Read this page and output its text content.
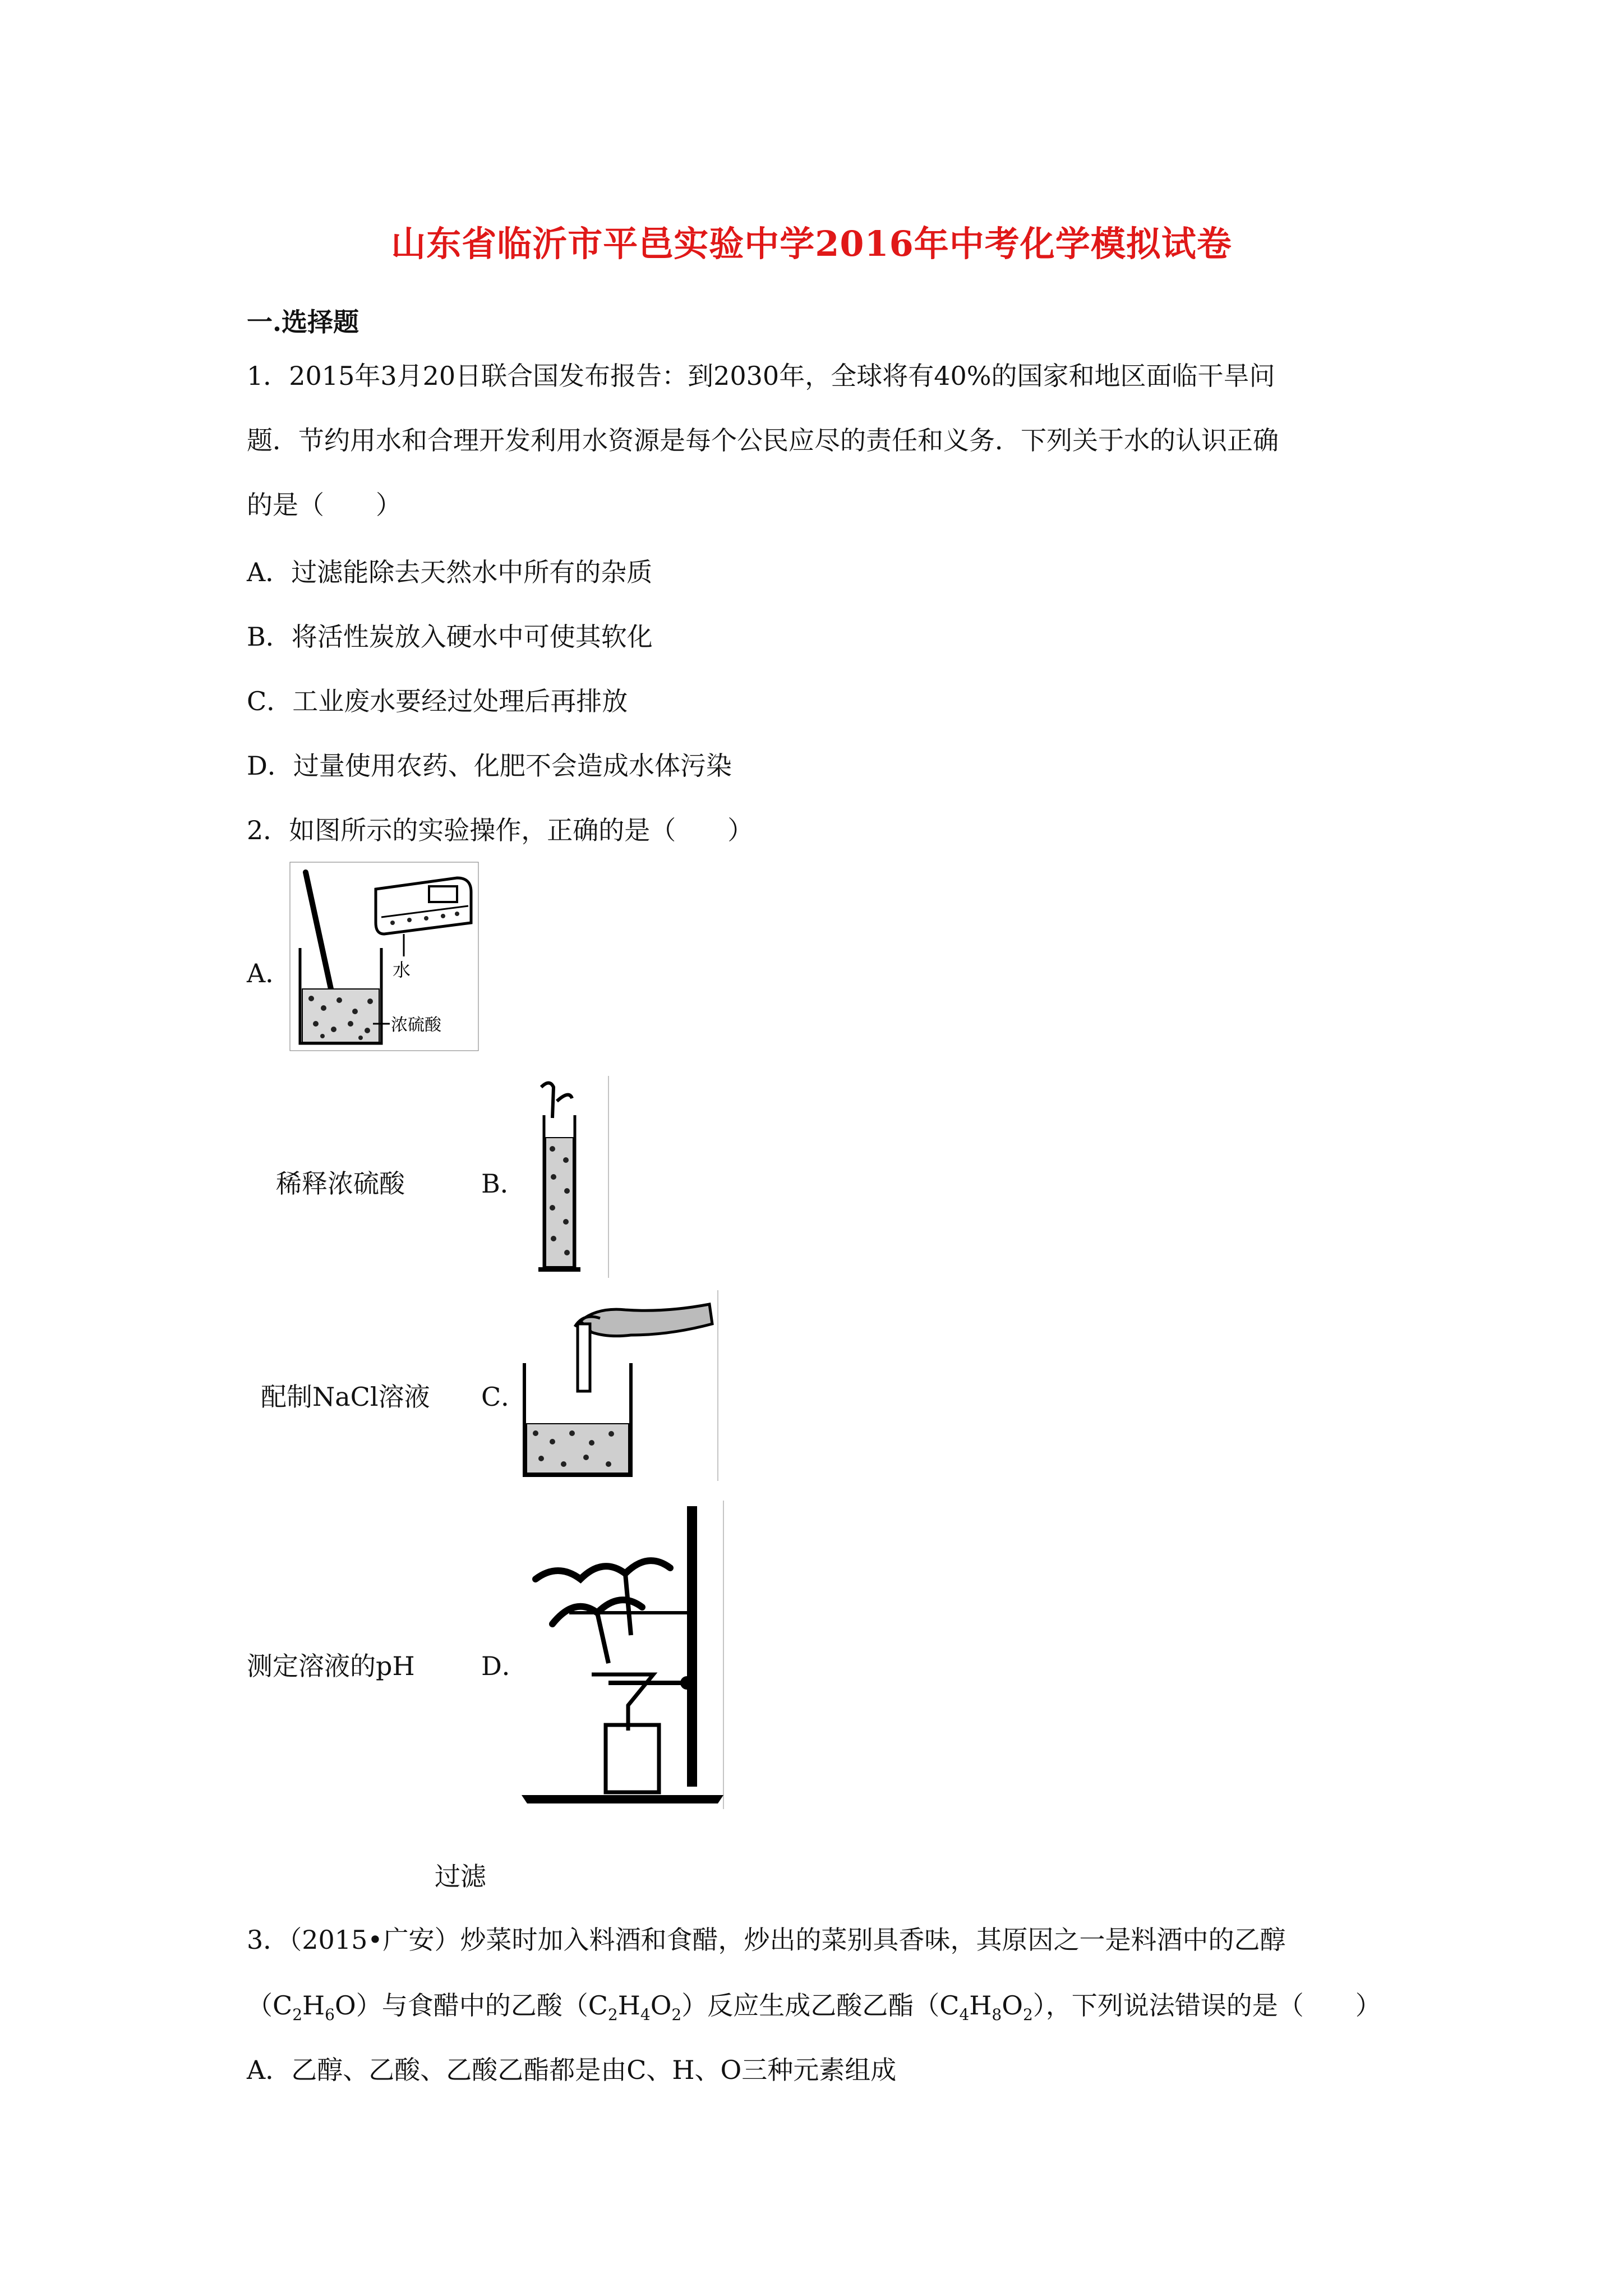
山东省临沂市平邑实验中学2016年中考化学模拟试卷
一.选择题
1．2015年3月20日联合国发布报告：到2030年，全球将有40%的国家和地区面临干旱问
题．节约用水和合理开发利用水资源是每个公民应尽的责任和义务．下列关于水的认识正确
的是（　　）
A．过滤能除去天然水中所有的杂质
B．将活性炭放入硬水中可使其软化
C．工业废水要经过处理后再排放
D．过量使用农药、化肥不会造成水体污染
2．如图所示的实验操作，正确的是（　　）
A．	水
浓硫酸
稀释浓硫酸	B．
配制NaCl溶液 C．
测定溶液的pH	D．
过滤
3．（2015•广安）炒菜时加入料酒和食醋，炒出的菜别具香味，其原因之一是料酒中的乙醇
$(C_2H_6O)$与食醋中的乙酸$(C_2H_4O_2)$反应生成乙酸乙酯$(C_4H_8O_2)$，下列说法错误的是（　　）
A．乙醇、乙酸、乙酸乙酯都是由C、H、O三种元素组成
